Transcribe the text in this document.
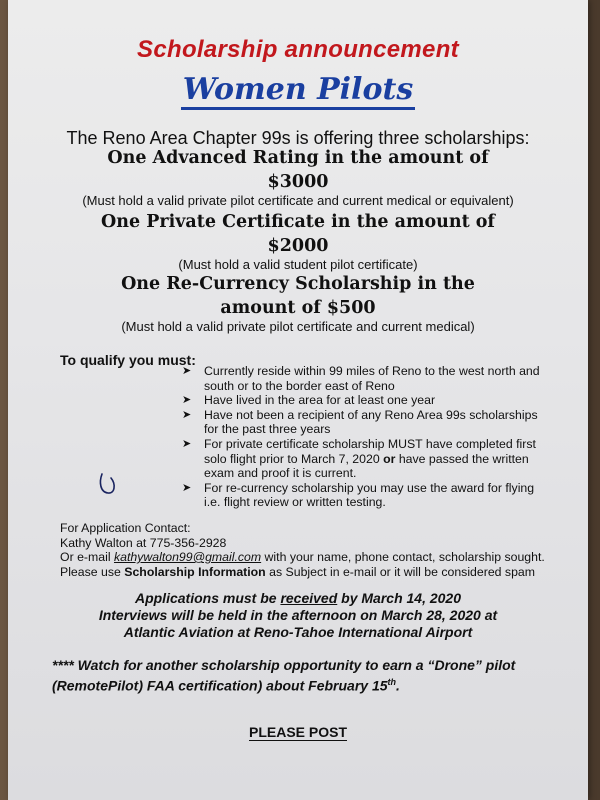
Scholarship announcement

Women Pilots

The Reno Area Chapter 99s is offering three scholarships:

One Advanced Rating in the amount of

$3000

(Must hold a valid private pilot certificate and current medical or equivalent)

One Private Certificate in the amount of

$2000

(Must hold a valid student pilot certificate)

One Re-Currency Scholarship in the

amount of $500

(Must hold a valid private pilot certificate and current medical)

To qualify you must:

➤ Currently reside within 99 miles of Reno to the west north and south or to the border east of Reno
➤ Have lived in the area for at least one year
➤ Have not been a recipient of any Reno Area 99s scholarships for the past three years
➤ For private certificate scholarship MUST have completed first solo flight prior to March 7, 2020 or have passed the written exam and proof it is current.
➤ For re-currency scholarship you may use the award for flying i.e. flight review or written testing.
For Application Contact:
Kathy Walton at 775-356-2928
Or e-mail kathywalton99@gmail.com with your name, phone contact, scholarship sought.
Please use Scholarship Information as Subject in e-mail or it will be considered spam
Applications must be received by March 14, 2020
Interviews will be held in the afternoon on March 28, 2020 at
Atlantic Aviation at Reno-Tahoe International Airport
**** Watch for another scholarship opportunity to earn a “Drone” pilot
(RemotePilot) FAA certification) about February 15th.
PLEASE POST
